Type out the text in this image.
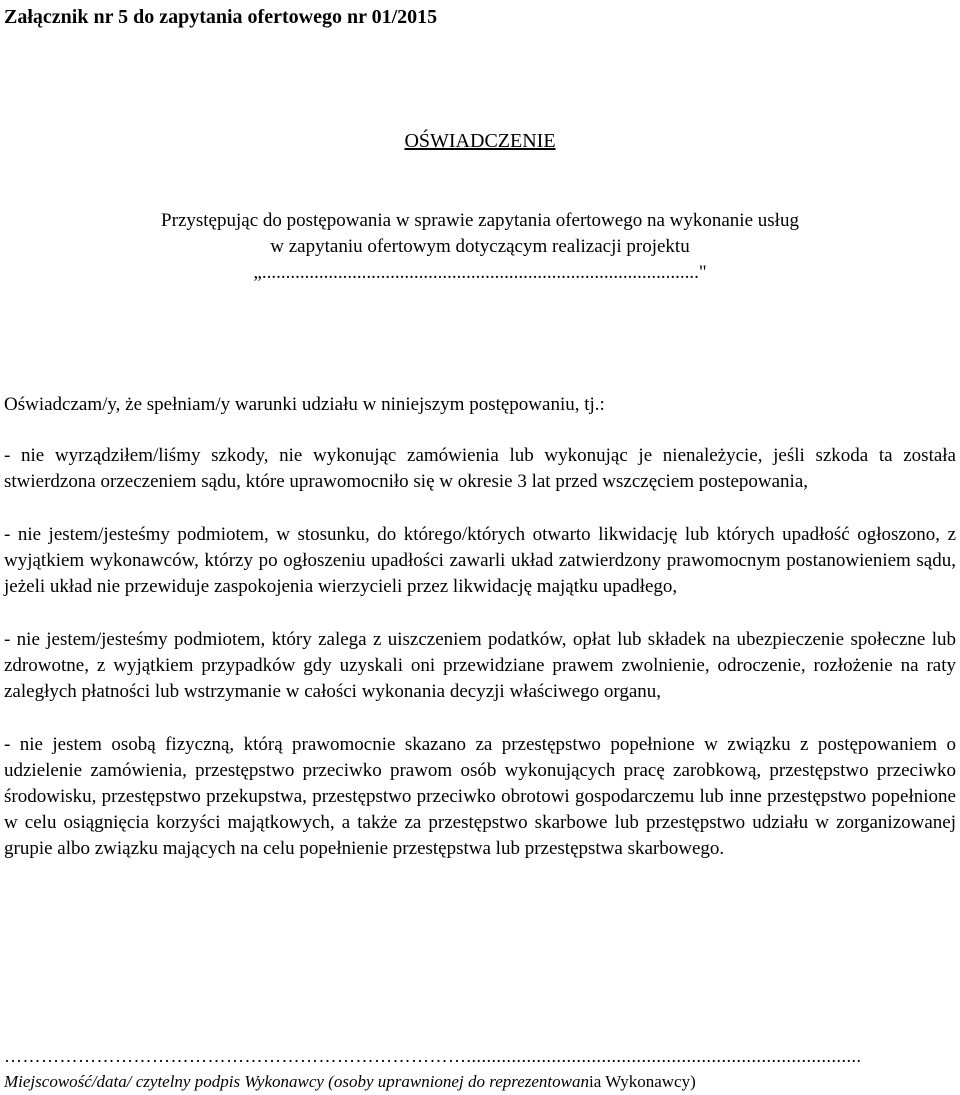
Załącznik nr 5 do zapytania ofertowego nr 01/2015
OŚWIADCZENIE
Przystępując do postępowania w sprawie zapytania ofertowego na wykonanie usług
w zapytaniu ofertowym dotyczącym realizacji projektu
„............................................................................................"
Oświadczam/y, że spełniam/y warunki udziału w niniejszym postępowaniu, tj.:
- nie wyrządziłem/liśmy szkody, nie wykonując zamówienia lub wykonując je nienależycie, jeśli szkoda ta została stwierdzona orzeczeniem sądu, które uprawomocniło się w okresie 3 lat przed wszczęciem postepowania,
- nie jestem/jesteśmy podmiotem, w stosunku, do którego/których otwarto likwidację lub których upadłość ogłoszono, z wyjątkiem wykonawców, którzy po ogłoszeniu upadłości zawarli układ zatwierdzony prawomocnym postanowieniem sądu, jeżeli układ nie przewiduje zaspokojenia wierzycieli przez likwidację majątku upadłego,
- nie jestem/jesteśmy podmiotem, który zalega z uiszczeniem podatków, opłat lub składek na ubezpieczenie społeczne lub zdrowotne, z wyjątkiem przypadków gdy uzyskali oni przewidziane prawem zwolnienie, odroczenie, rozłożenie na raty zaległych płatności lub wstrzymanie w całości wykonania decyzji właściwego organu,
- nie jestem osobą fizyczną, którą prawomocnie skazano za przestępstwo popełnione w związku z postępowaniem o udzielenie zamówienia, przestępstwo przeciwko prawom osób wykonujących pracę zarobkową, przestępstwo przeciwko środowisku, przestępstwo przekupstwa, przestępstwo przeciwko obrotowi gospodarczemu lub inne przestępstwo popełnione w celu osiągnięcia korzyści majątkowych, a także za przestępstwo skarbowe lub przestępstwo udziału w zorganizowanej grupie albo związku mających na celu popełnienie przestępstwa lub przestępstwa skarbowego.
…………………………………………………………………...............................................................................
Miejscowość/data/ czytelny podpis Wykonawcy (osoby uprawnionej do reprezentowania Wykonawcy)
